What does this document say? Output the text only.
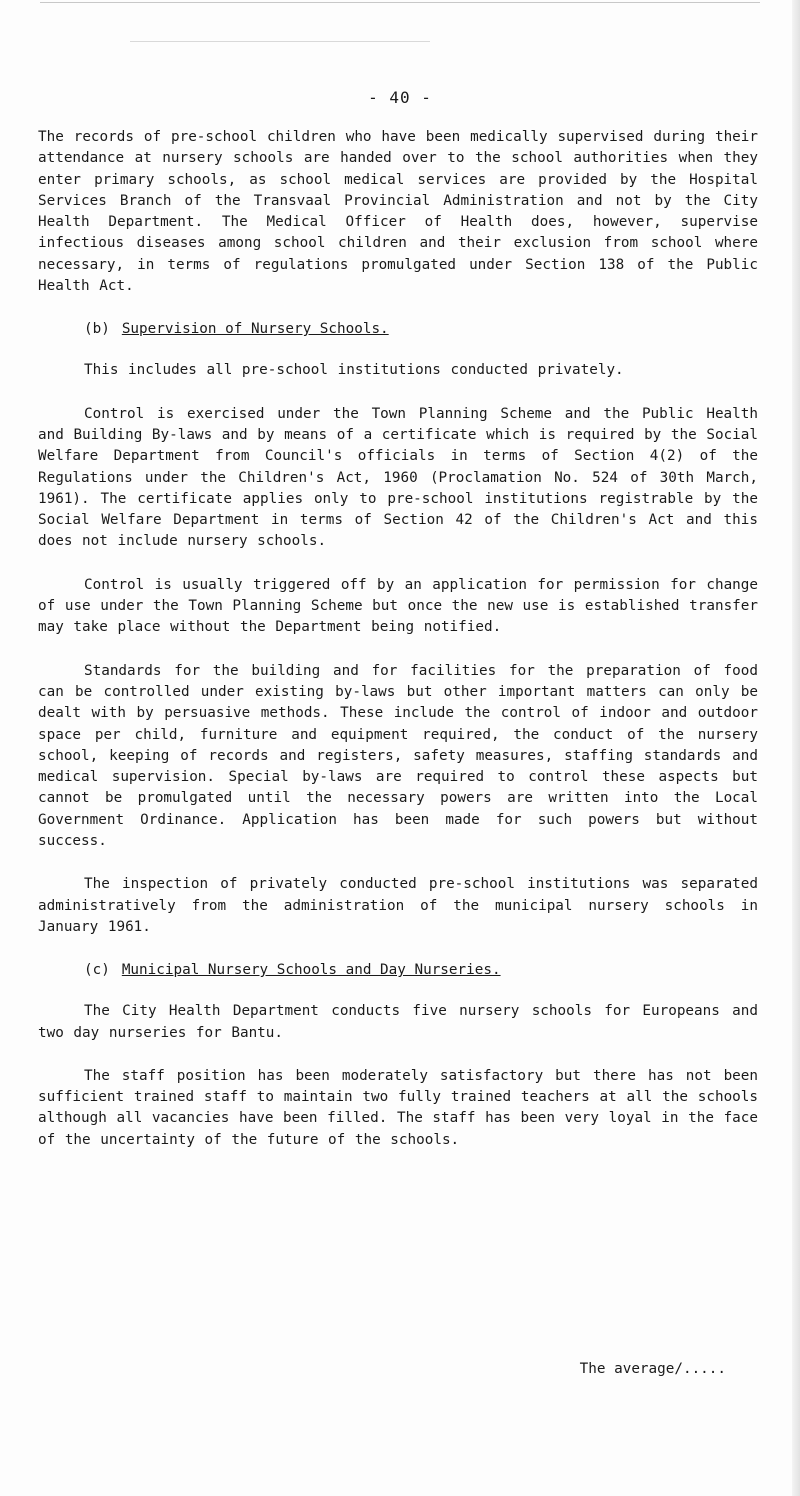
- 40 -

The records of pre-school children who have been medically supervised during their attendance at nursery schools are handed over to the school authorities when they enter primary schools, as school medical services are provided by the Hospital Services Branch of the Transvaal Provincial Administration and not by the City Health Department. The Medical Officer of Health does, however, supervise infectious diseases among school children and their exclusion from school where necessary, in terms of regulations promulgated under Section 138 of the Public Health Act.

(b) Supervision of Nursery Schools.

This includes all pre-school institutions conducted privately.

Control is exercised under the Town Planning Scheme and the Public Health and Building By-laws and by means of a certificate which is required by the Social Welfare Department from Council's officials in terms of Section 4(2) of the Regulations under the Children's Act, 1960 (Proclamation No. 524 of 30th March, 1961). The certificate applies only to pre-school institutions registrable by the Social Welfare Department in terms of Section 42 of the Children's Act and this does not include nursery schools.

Control is usually triggered off by an application for permission for change of use under the Town Planning Scheme but once the new use is established transfer may take place without the Department being notified.

Standards for the building and for facilities for the preparation of food can be controlled under existing by-laws but other important matters can only be dealt with by persuasive methods. These include the control of indoor and outdoor space per child, furniture and equipment required, the conduct of the nursery school, keeping of records and registers, safety measures, staffing standards and medical supervision. Special by-laws are required to control these aspects but cannot be promulgated until the necessary powers are written into the Local Government Ordinance. Application has been made for such powers but without success.

The inspection of privately conducted pre-school institutions was separated administratively from the administration of the municipal nursery schools in January 1961.

(c) Municipal Nursery Schools and Day Nurseries.

The City Health Department conducts five nursery schools for Europeans and two day nurseries for Bantu.

The staff position has been moderately satisfactory but there has not been sufficient trained staff to maintain two fully trained teachers at all the schools although all vacancies have been filled. The staff has been very loyal in the face of the uncertainty of the future of the schools.

The average/.....
